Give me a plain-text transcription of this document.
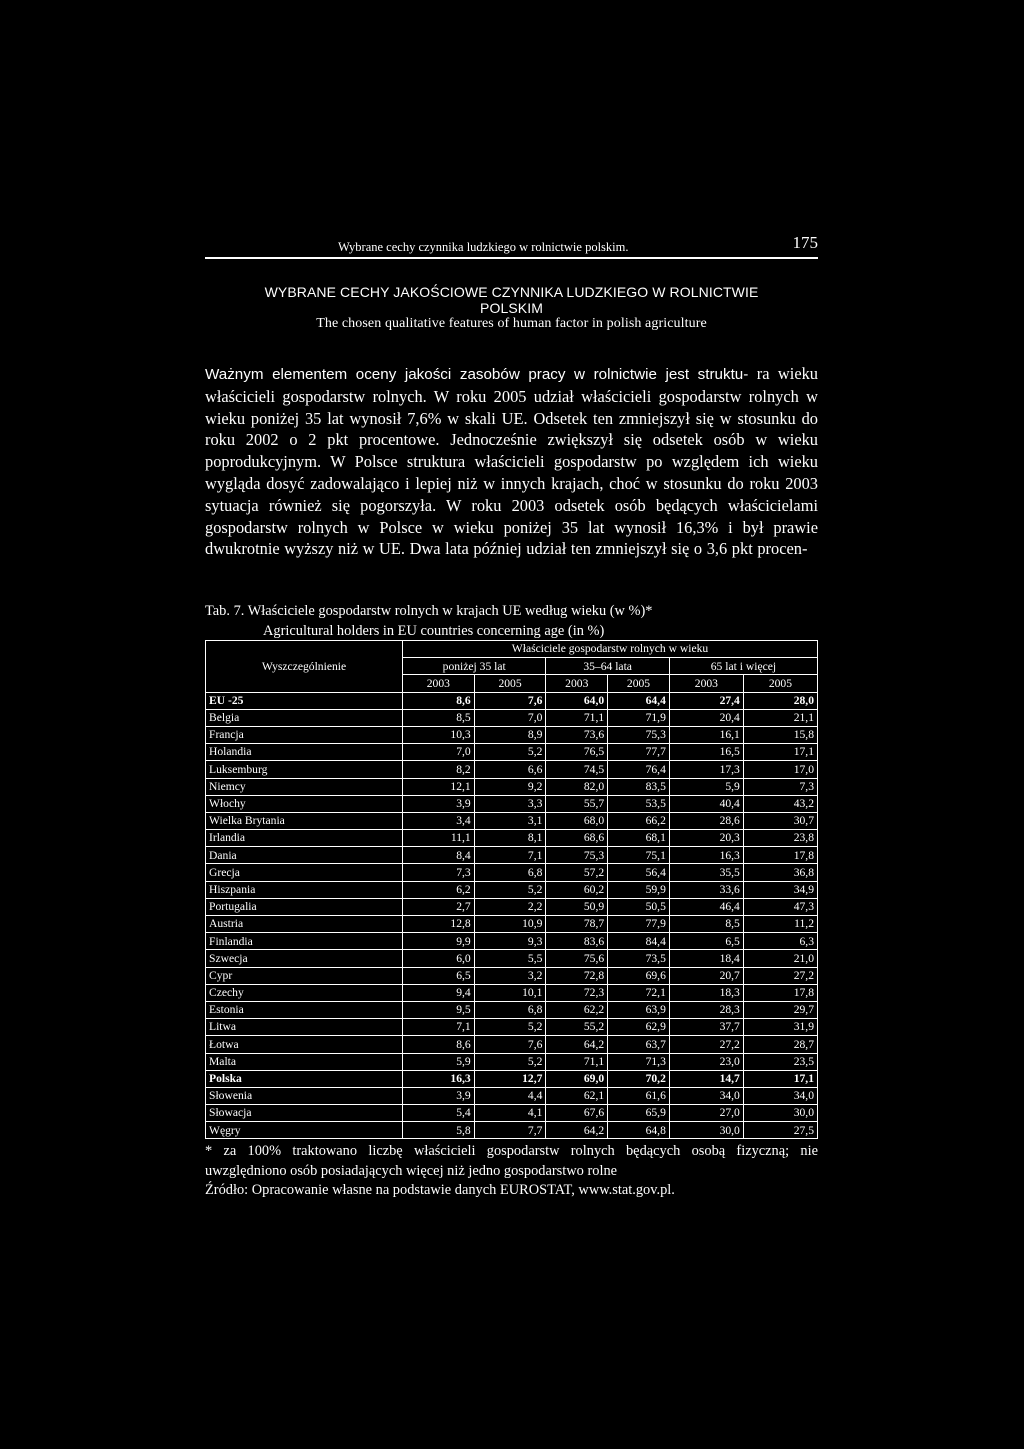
Wybrane cechy czynnika ludzkiego w rolnictwie polskim.	175
WYBRANE CECHY JAKOŚCIOWE CZYNNIKA LUDZKIEGO W ROLNICTWIE
POLSKIM
The chosen qualitative features of human factor in polish agriculture
Ważnym elementem oceny jakości zasobów pracy w rolnictwie jest struktu- ra wieku właścicieli gospodarstw rolnych. W roku 2005 udział właścicieli gospodarstw rolnych w wieku poniżej 35 lat wynosił 7,6% w skali UE. Odsetek ten zmniejszył się w stosunku do roku 2002 o 2 pkt procentowe. Jednocześnie zwiększył się odsetek osób w wieku poprodukcyjnym. W Polsce struktura właścicieli gospodarstw po względem ich wieku wygląda dosyć zadowalająco i lepiej niż w innych krajach, choć w stosunku do roku 2003 sytuacja również się pogorszyła. W roku 2003 odsetek osób będących właścicielami gospodarstw rolnych w Polsce w wieku poniżej 35 lat wynosił 16,3% i był prawie dwukrotnie wyższy niż w UE. Dwa lata później udział ten zmniejszył się o 3,6 pkt procen-
Tab. 7. Właściciele gospodarstw rolnych w krajach UE według wieku (w %)*
Agricultural holders in EU countries concerning age (in %)
Wyszczególnienie	Właściciele gospodarstw rolnych w wieku					
	poniżej 35 lat		35–64 lata		65 lat i więcej	
	2003	2005	2003	2005	2003	2005
EU -25	8,6	7,6	64,0	64,4	27,4	28,0
Belgia	8,5	7,0	71,1	71,9	20,4	21,1
Francja	10,3	8,9	73,6	75,3	16,1	15,8
Holandia	7,0	5,2	76,5	77,7	16,5	17,1
Luksemburg	8,2	6,6	74,5	76,4	17,3	17,0
Niemcy	12,1	9,2	82,0	83,5	5,9	7,3
Włochy	3,9	3,3	55,7	53,5	40,4	43,2
Wielka Brytania	3,4	3,1	68,0	66,2	28,6	30,7
Irlandia	11,1	8,1	68,6	68,1	20,3	23,8
Dania	8,4	7,1	75,3	75,1	16,3	17,8
Grecja	7,3	6,8	57,2	56,4	35,5	36,8
Hiszpania	6,2	5,2	60,2	59,9	33,6	34,9
Portugalia	2,7	2,2	50,9	50,5	46,4	47,3
Austria	12,8	10,9	78,7	77,9	8,5	11,2
Finlandia	9,9	9,3	83,6	84,4	6,5	6,3
Szwecja	6,0	5,5	75,6	73,5	18,4	21,0
Cypr	6,5	3,2	72,8	69,6	20,7	27,2
Czechy	9,4	10,1	72,3	72,1	18,3	17,8
Estonia	9,5	6,8	62,2	63,9	28,3	29,7
Litwa	7,1	5,2	55,2	62,9	37,7	31,9
Łotwa	8,6	7,6	64,2	63,7	27,2	28,7
Malta	5,9	5,2	71,1	71,3	23,0	23,5
Polska	16,3	12,7	69,0	70,2	14,7	17,1
Słowenia	3,9	4,4	62,1	61,6	34,0	34,0
Słowacja	5,4	4,1	67,6	65,9	27,0	30,0
Węgry	5,8	7,7	64,2	64,8	30,0	27,5

* za 100% traktowano liczbę właścicieli gospodarstw rolnych będących osobą fizyczną; nie uwzględniono osób posiadających więcej niż jedno gospodarstwo rolne

Źródło: Opracowanie własne na podstawie danych EUROSTAT, www.stat.gov.pl.
